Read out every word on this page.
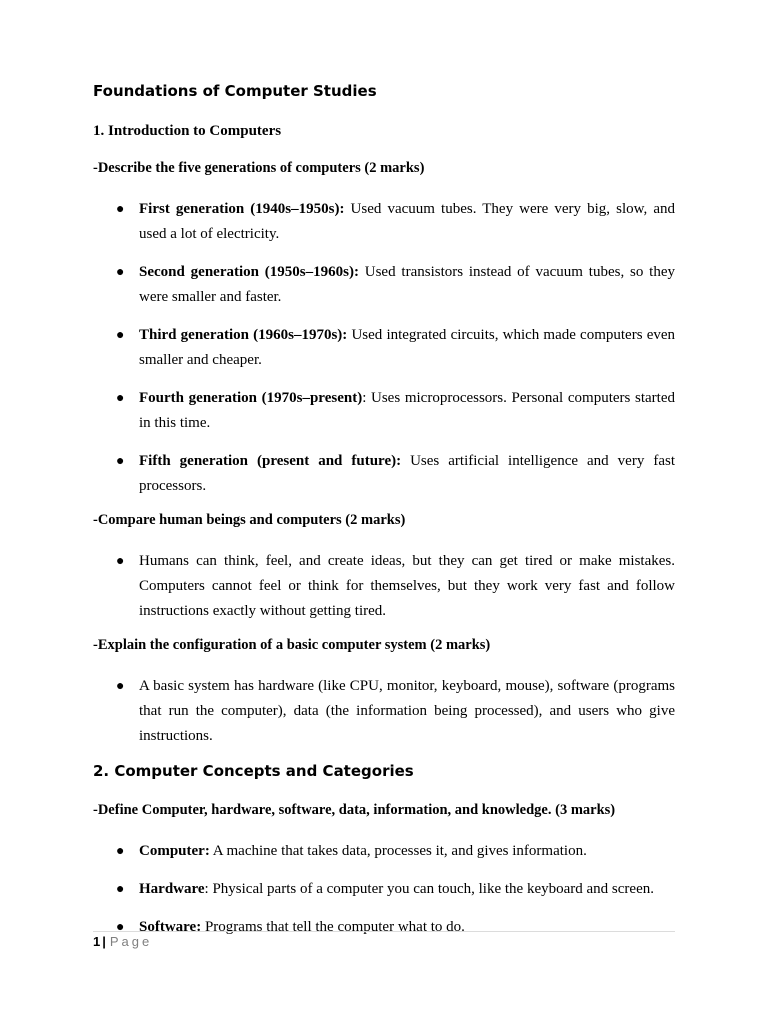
Foundations of Computer Studies
1. Introduction to Computers
-Describe the five generations of computers (2 marks)
● First generation (1940s–1950s): Used vacuum tubes. They were very big, slow, and used a lot of electricity.
● Second generation (1950s–1960s): Used transistors instead of vacuum tubes, so they were smaller and faster.
● Third generation (1960s–1970s): Used integrated circuits, which made computers even smaller and cheaper.
● Fourth generation (1970s–present): Uses microprocessors. Personal computers started in this time.
● Fifth generation (present and future): Uses artificial intelligence and very fast processors.
-Compare human beings and computers (2 marks)
● Humans can think, feel, and create ideas, but they can get tired or make mistakes. Computers cannot feel or think for themselves, but they work very fast and follow instructions exactly without getting tired.
-Explain the configuration of a basic computer system (2 marks)
● A basic system has hardware (like CPU, monitor, keyboard, mouse), software (programs that run the computer), data (the information being processed), and users who give instructions.
2. Computer Concepts and Categories
-Define Computer, hardware, software, data, information, and knowledge. (3 marks)
● Computer: A machine that takes data, processes it, and gives information.
● Hardware: Physical parts of a computer you can touch, like the keyboard and screen.
● Software: Programs that tell the computer what to do.
1 | Page
